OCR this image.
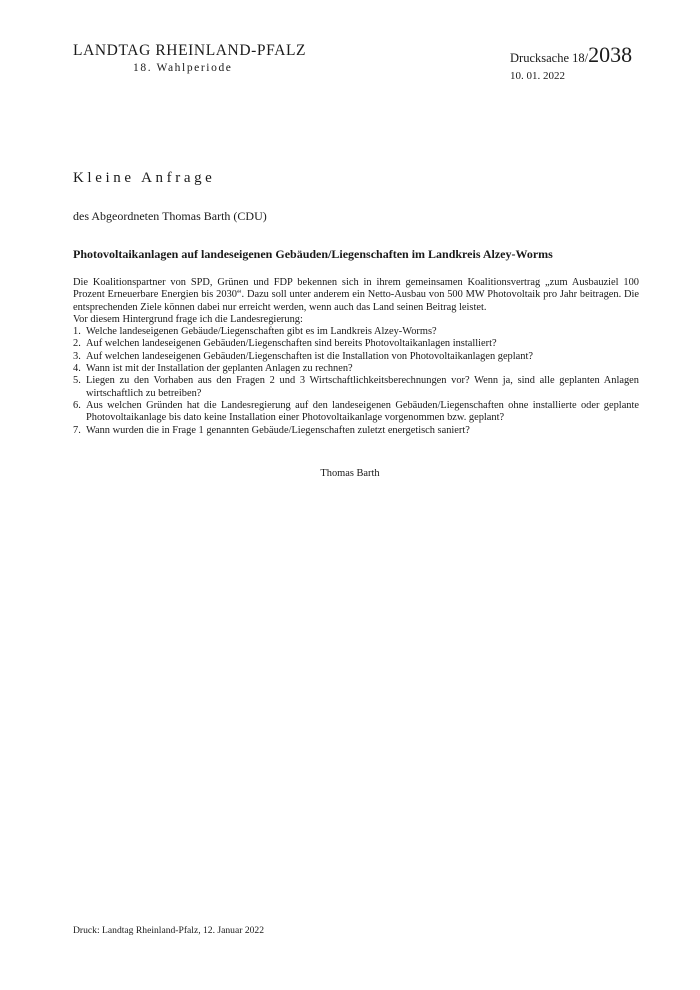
LANDTAG RHEINLAND-PFALZ
18. Wahlperiode
Drucksache 18/2038
10. 01. 2022
Kleine Anfrage
des Abgeordneten Thomas Barth (CDU)
Photovoltaikanlagen auf landeseigenen Gebäuden/Liegenschaften im Landkreis Alzey-Worms

Die Koalitionspartner von SPD, Grünen und FDP bekennen sich in ihrem gemeinsamen Koalitionsvertrag „zum Ausbauziel 100 Prozent Erneuerbare Energien bis 2030“. Dazu soll unter anderem ein Netto-Ausbau von 500 MW Photovoltaik pro Jahr beitragen. Die entsprechenden Ziele können dabei nur erreicht werden, wenn auch das Land seinen Beitrag leistet.

Vor diesem Hintergrund frage ich die Landesregierung:

1. Welche landeseigenen Gebäude/Liegenschaften gibt es im Landkreis Alzey-Worms?
2. Auf welchen landeseigenen Gebäuden/Liegenschaften sind bereits Photovoltaikanlagen installiert?
3. Auf welchen landeseigenen Gebäuden/Liegenschaften ist die Installation von Photovoltaikanlagen geplant?
4. Wann ist mit der Installation der geplanten Anlagen zu rechnen?
5. Liegen zu den Vorhaben aus den Fragen 2 und 3 Wirtschaftlichkeitsberechnungen vor? Wenn ja, sind alle geplanten Anlagen wirtschaftlich zu betreiben?
6. Aus welchen Gründen hat die Landesregierung auf den landeseigenen Gebäuden/Liegenschaften ohne installierte oder geplante Photovoltaikanlage bis dato keine Installation einer Photovoltaikanlage vorgenommen bzw. geplant?
7. Wann wurden die in Frage 1 genannten Gebäude/Liegenschaften zuletzt energetisch saniert?
Thomas Barth
Druck: Landtag Rheinland-Pfalz, 12. Januar 2022
